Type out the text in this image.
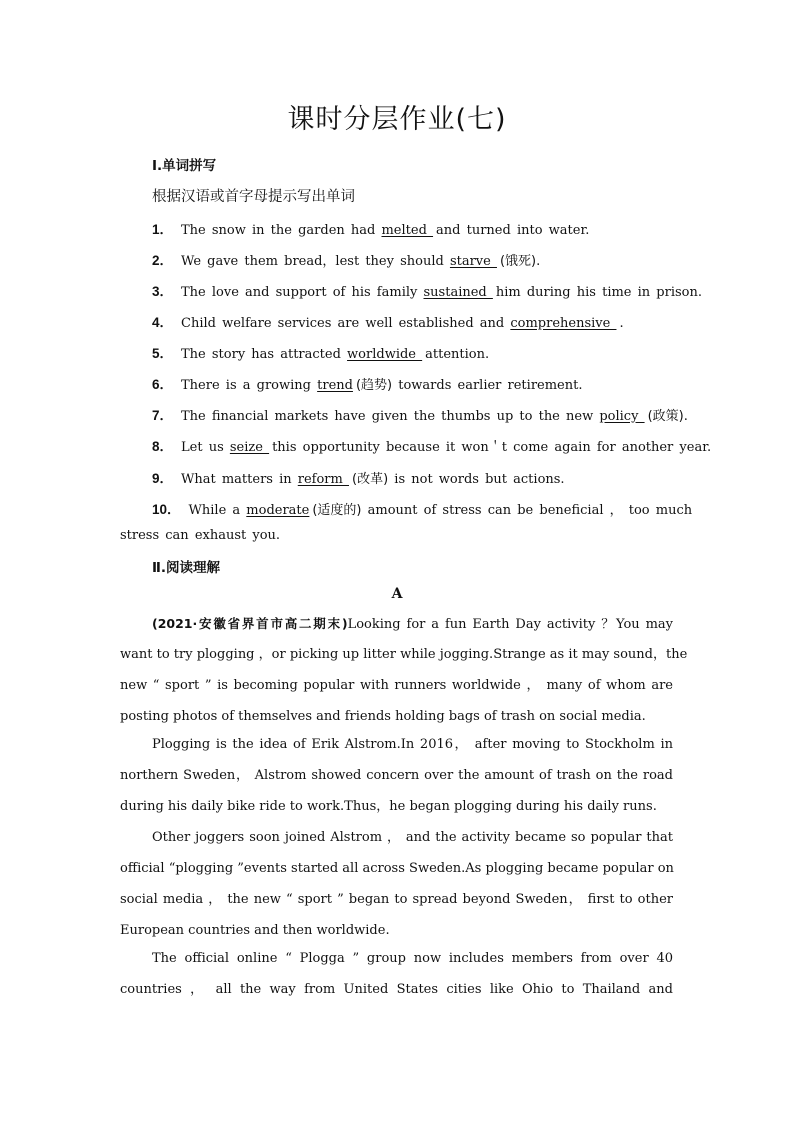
课时分层作业(七)
Ⅰ.单词拼写
根据汉语或首字母提示写出单词
1． The snow in the garden had melted and turned into water.
2． We gave them bread，lest they should starve (饿死).
3． The love and support of his family sustained him during his time in prison.
4． Child welfare services are well established and comprehensive .
5． The story has attracted worldwide attention.
6． There is a growing trend (趋势) towards earlier retirement.
7． The financial markets have given the thumbs up to the new policy (政策).
8． Let us seize this opportunity because it won＇t come again for another year.
9． What matters in reform (改革) is not words but actions.
10． While a moderate (适度的) amount of stress can be beneficial ， too much
stress can exhaust you.
Ⅱ.阅读理解
A
(2021·安徽省界首市高二期末)Looking for a fun Earth Day activity ？You may
want to try plogging ，or picking up litter while jogging.Strange as it may sound，the
new “ sport ” is becoming popular with runners worldwide ， many of whom are
posting photos of themselves and friends holding bags of trash on social media.
Plogging is the idea of Erik Alstrom.In 2016， after moving to Stockholm in
northern Sweden， Alstrom showed concern over the amount of trash on the road
during his daily bike ride to work.Thus，he began plogging during his daily runs.
Other joggers soon joined Alstrom ， and the activity became so popular that
official “plogging ”events started all across Sweden.As plogging became popular on
social media ， the new “ sport ” began to spread beyond Sweden， first to other
European countries and then worldwide.
The official online “ Plogga ” group now includes members from over 40
countries ， all the way from United States cities like Ohio to Thailand and
